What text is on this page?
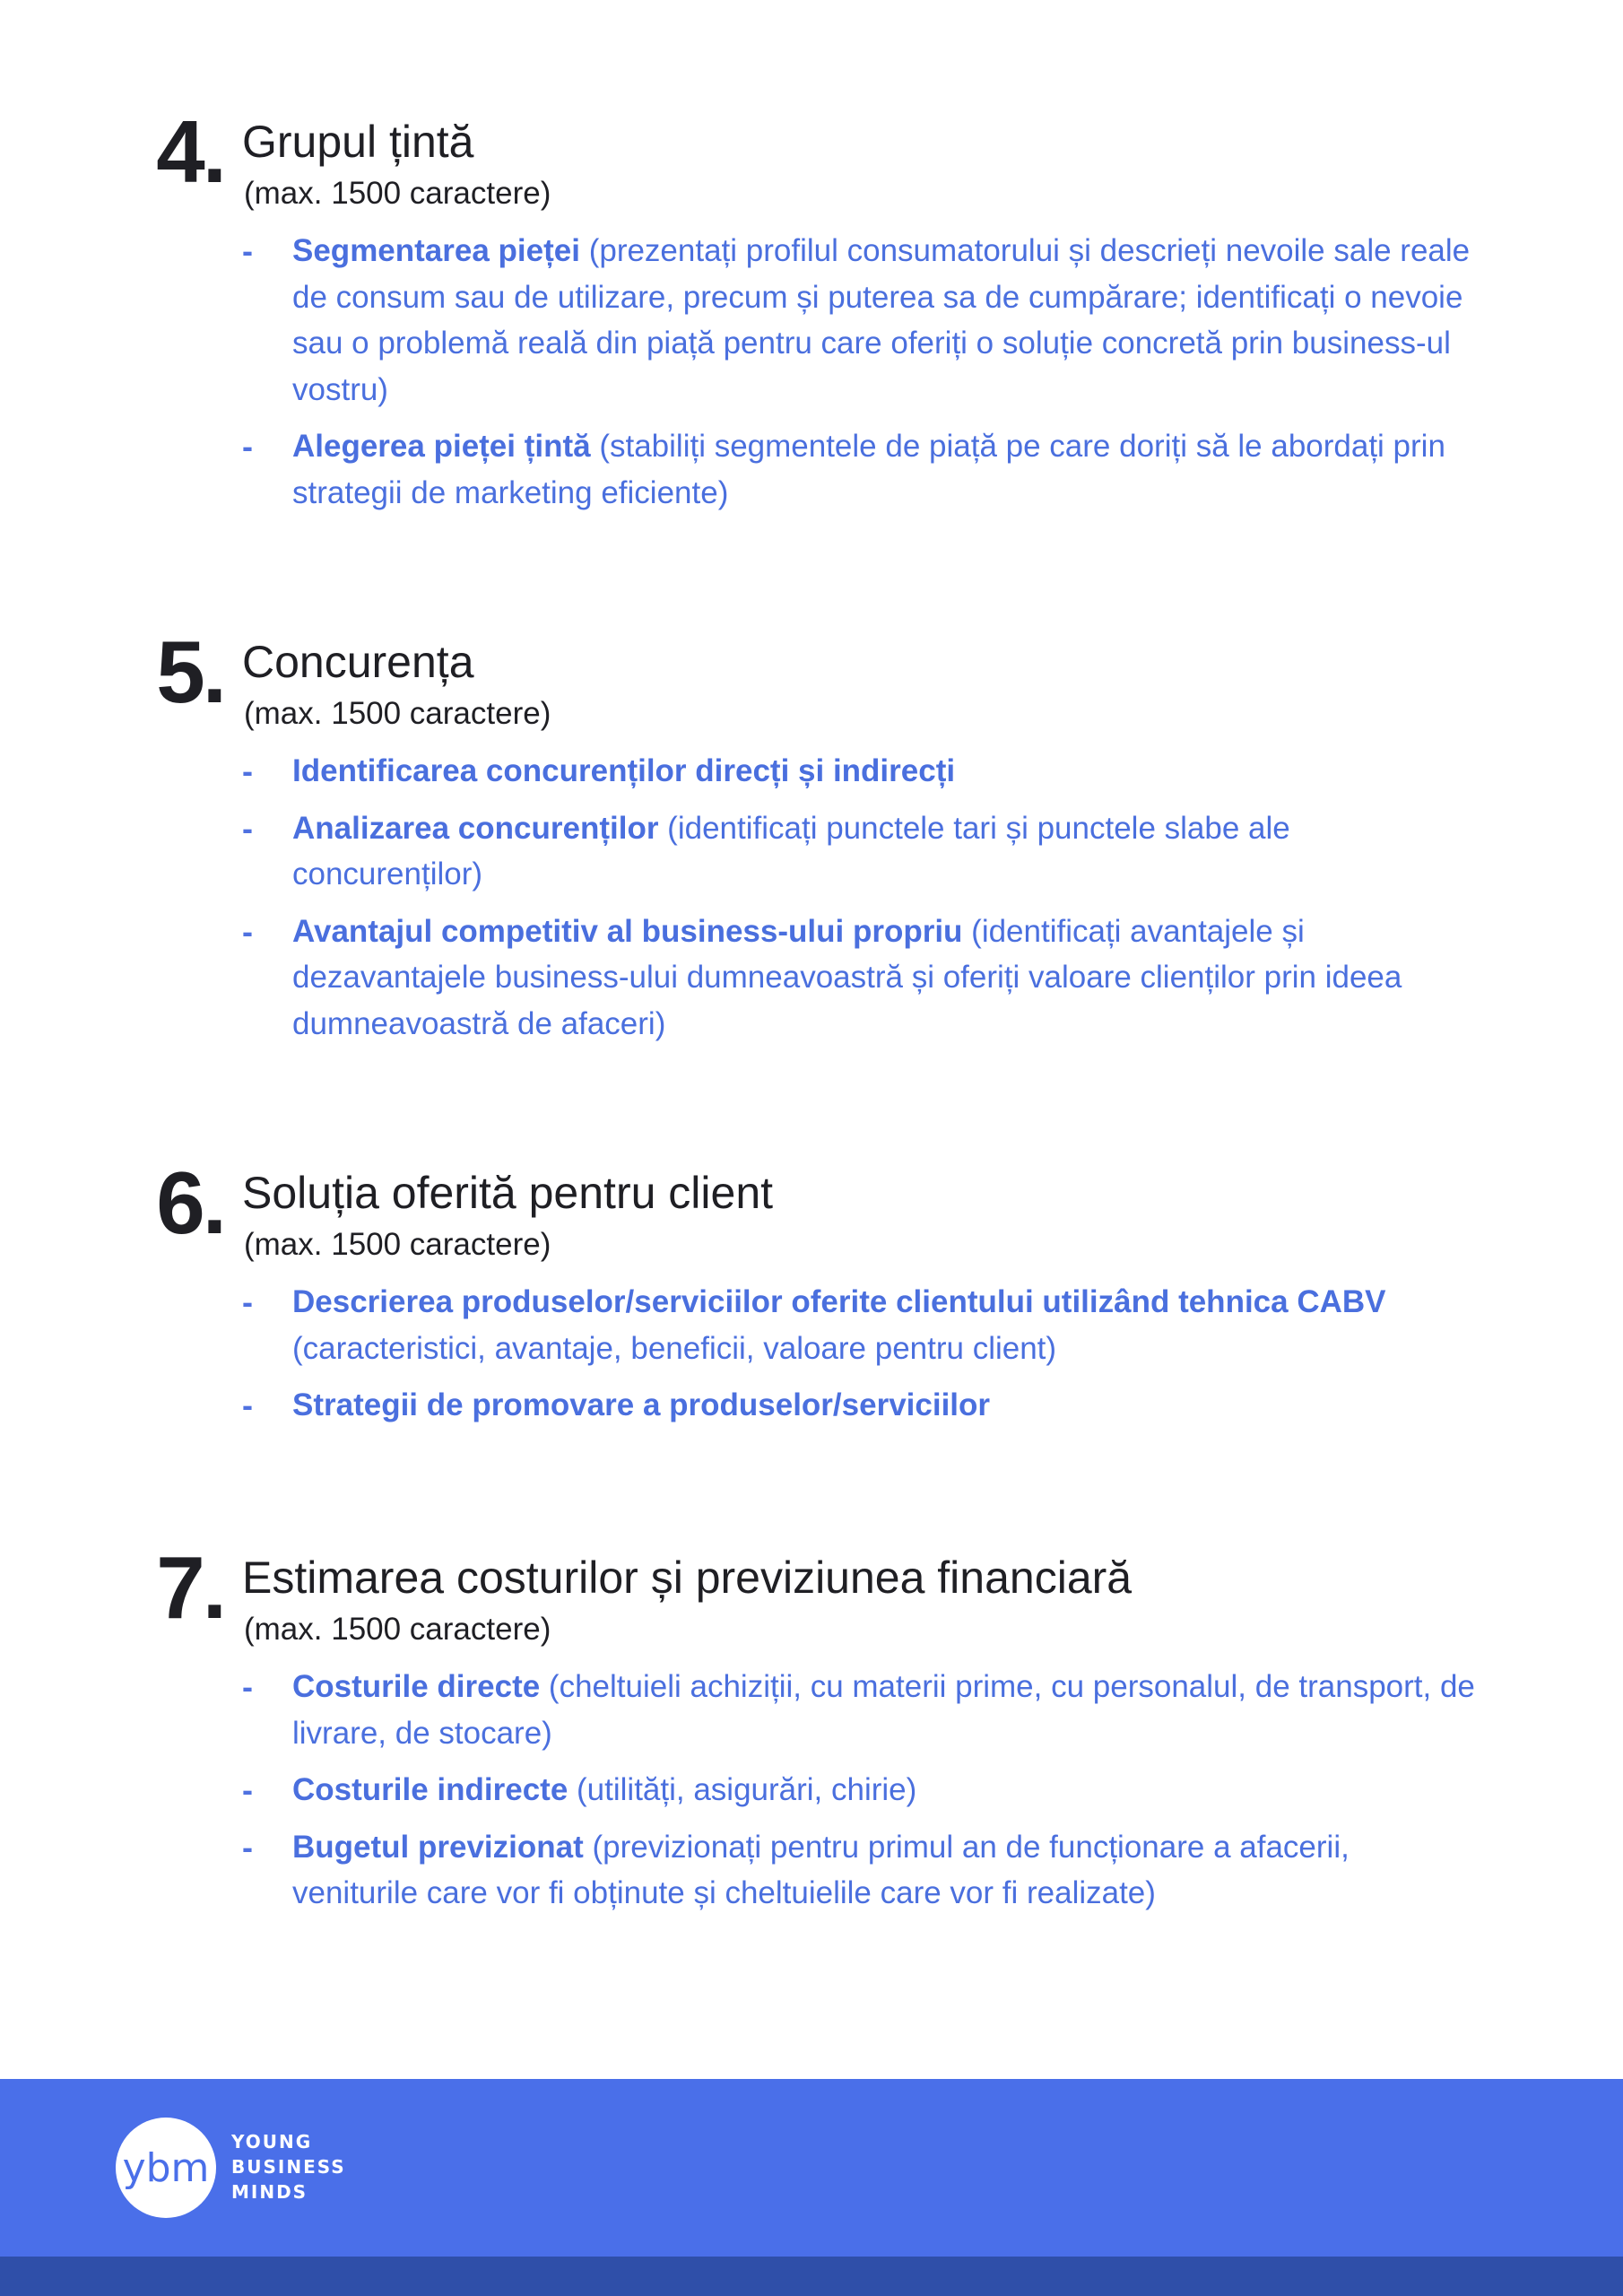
4. Grupul țintă
(max. 1500 caractere)
- Segmentarea pieței (prezentați profilul consumatorului și descrieți nevoile sale reale de consum sau de utilizare, precum și puterea sa de cumpărare; identificați o nevoie sau o problemă reală din piață pentru care oferiți o soluție concretă prin business-ul vostru)
- Alegerea pieței țintă (stabiliți segmentele de piață pe care doriți să le abordați prin strategii de marketing eficiente)
5. Concurența
(max. 1500 caractere)
- Identificarea concurenților direcți și indirecți
- Analizarea concurenților (identificați punctele tari și punctele slabe ale concurenților)
- Avantajul competitiv al business-ului propriu (identificați avantajele și dezavantajele business-ului dumneavoastră și oferiți valoare clienților prin ideea dumneavoastră de afaceri)
6. Soluția oferită pentru client
(max. 1500 caractere)
- Descrierea produselor/serviciilor oferite clientului utilizând tehnica CABV (caracteristici, avantaje, beneficii, valoare pentru client)
- Strategii de promovare a produselor/serviciilor
7. Estimarea costurilor și previziunea financiară
(max. 1500 caractere)
- Costurile directe (cheltuieli achiziții, cu materii prime, cu personalul, de transport, de livrare, de stocare)
- Costurile indirecte (utilități, asigurări, chirie)
- Bugetul previzionat (previzionați pentru primul an de funcționare a afacerii, veniturile care vor fi obținute și cheltuielile care vor fi realizate)
ybm
YOUNG
BUSINESS
MINDS
